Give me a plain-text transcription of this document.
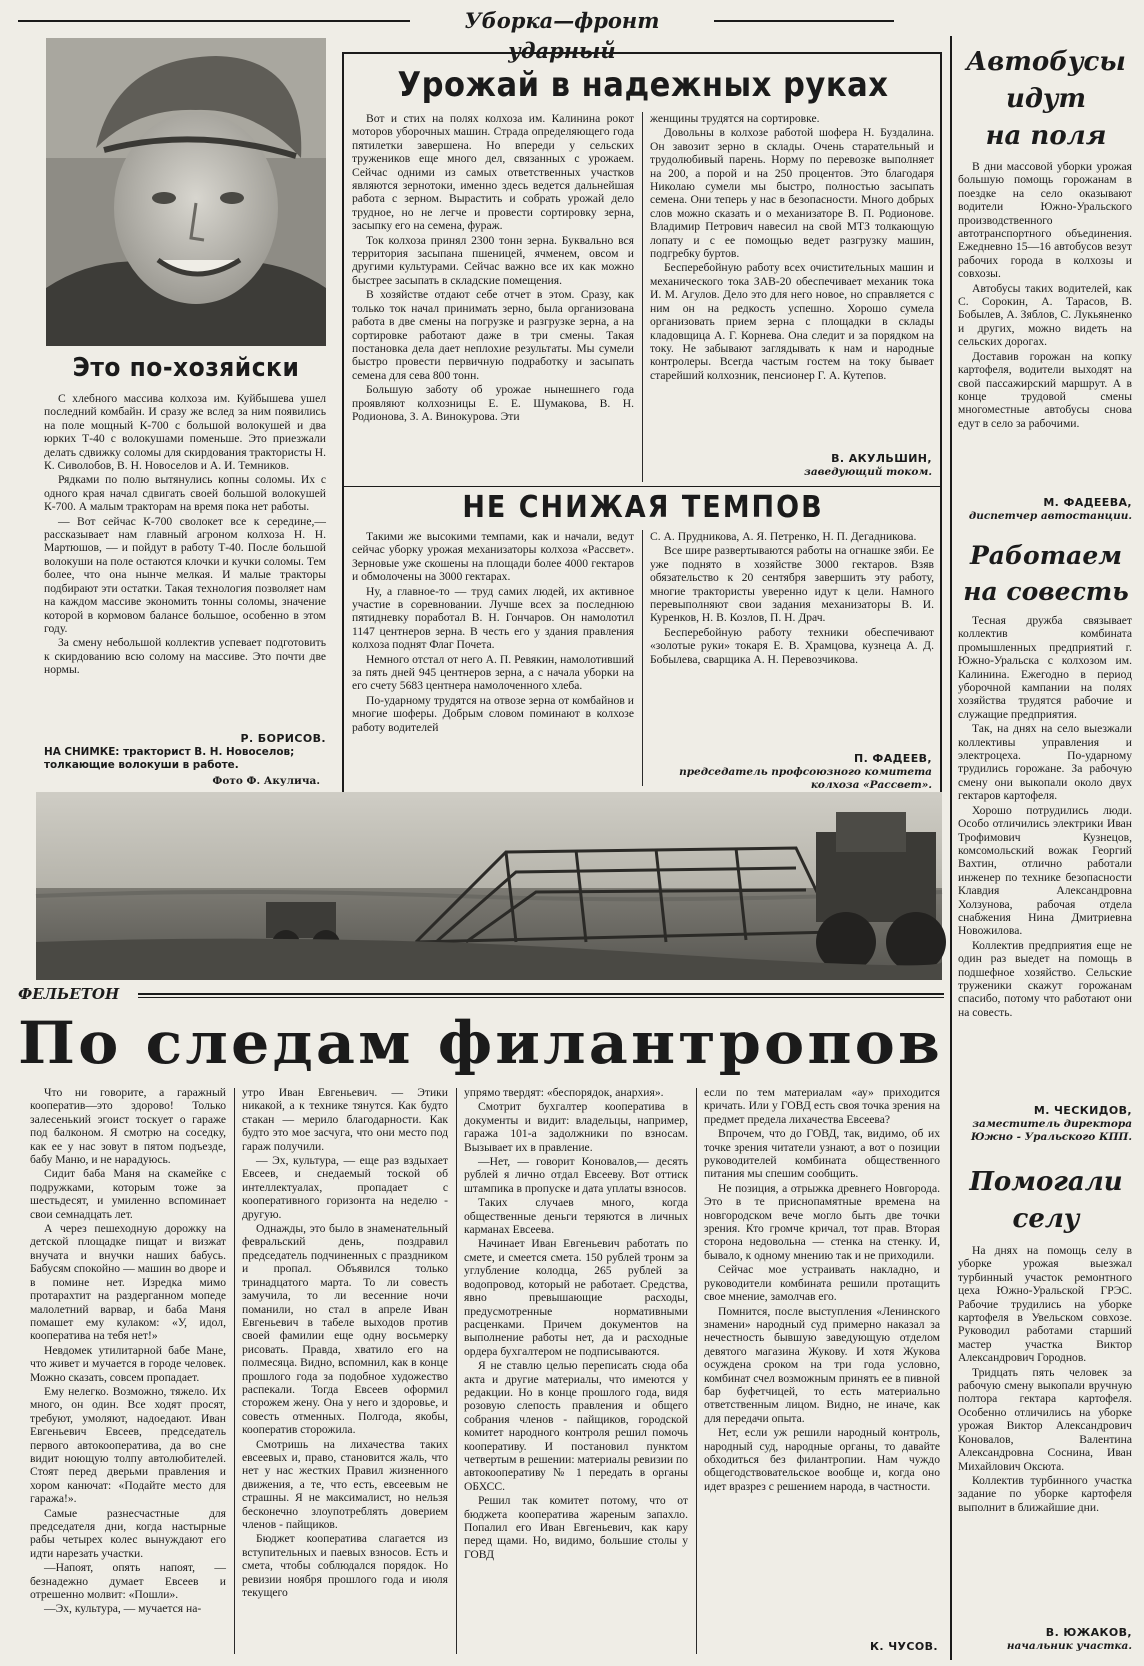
Уборка—фронт ударный
Это по-хозяйски

С хлебного массива колхоза им. Куйбышева ушел последний комбайн. И сразу же вслед за ним появились на поле мощный К-700 с большой волокушей и два юрких Т-40 с волокушами поменьше. Это приезжали делать сдвижку соломы для скирдования трактористы Н. К. Сиволобов, В. Н. Новоселов и А. И. Темников.

Рядками по полю вытянулись копны соломы. Их с одного края начал сдвигать своей большой волокушей К-700. А малым тракторам на время пока нет работы.

— Вот сейчас К-700 сволокет все к середине,—рассказывает нам главный агроном колхоза Н. Н. Мартюшов, — и пойдут в работу Т-40. После большой волокуши на поле остаются клочки и кучки соломы. Тем более, что она нынче мелкая. И малые тракторы подбирают эти остатки. Такая технология позволяет нам на каждом массиве экономить тонны соломы, значение которой в кормовом балансе большое, особенно в этом году.

За смену небольшой коллектив успевает подготовить к скирдованию всю солому на массиве. Это почти две нормы.

Р. БОРИСОВ.
НА СНИМКЕ: тракторист В. Н. Новоселов; толкающие волокуши в работе.
Фото Ф. Акулича.
Урожай в надежных руках

Вот и стих на полях колхоза им. Калинина рокот моторов уборочных машин. Страда определяющего года пятилетки завершена. Но впереди у сельских тружеников еще много дел, связанных с урожаем. Сейчас одними из самых ответственных участков являются зернотоки, именно здесь ведется дальнейшая работа с зерном. Вырастить и собрать урожай дело трудное, но не легче и провести сортировку зерна, засыпку его на семена, фураж.

Ток колхоза принял 2300 тонн зерна. Буквально вся территория засыпана пшеницей, ячменем, овсом и другими культурами. Сейчас важно все их как можно быстрее засыпать в складские помещения.

В хозяйстве отдают себе отчет в этом. Сразу, как только ток начал принимать зерно, была организована работа в две смены на погрузке и разгрузке зерна, а на сортировке работают даже в три смены. Такая постановка дела дает неплохие результаты. Мы сумели быстро провести первичную подработку и засыпать семена для сева 800 тонн.

Большую заботу об урожае нынешнего года проявляют колхозницы Е. Е. Шумакова, В. Н. Родионова, З. А. Винокурова. Эти

женщины трудятся на сортировке.

Довольны в колхозе работой шофера Н. Буздалина. Он завозит зерно в склады. Очень старательный и трудолюбивый парень. Норму по перевозке выполняет на 200, а порой и на 250 процентов. Это благодаря Николаю сумели мы быстро, полностью засыпать семена. Они теперь у нас в безопасности. Много добрых слов можно сказать и о механизаторе В. П. Родионове. Владимир Петрович навесил на свой МТЗ толкающую лопату и с ее помощью ведет разгрузку машин, подгребку буртов.

Бесперебойную работу всех очистительных машин и механического тока ЗАВ-20 обеспечивает механик тока И. М. Агулов. Дело это для него новое, но справляется с ним он на редкость успешно. Хорошо сумела организовать прием зерна с площадки в склады кладовщица А. Г. Корнева. Она следит и за порядком на току. Не забывают заглядывать к нам и народные контролеры. Всегда частым гостем на току бывает старейший колхозник, пенсионер Г. А. Кутепов.

В. АКУЛЬШИН,
заведующий током.
НЕ СНИЖАЯ ТЕМПОВ

Такими же высокими темпами, как и начали, ведут сейчас уборку урожая механизаторы колхоза «Рассвет». Зерновые уже скошены на площади более 4000 гектаров и обмолочены на 3000 гектарах.

Ну, а главное-то — труд самих людей, их активное участие в соревновании. Лучше всех за последнюю пятидневку поработал В. Н. Гончаров. Он намолотил 1147 центнеров зерна. В честь его у здания правления колхоза поднят Флаг Почета.

Немного отстал от него А. П. Ревякин, намолотивший за пять дней 945 центнеров зерна, а с начала уборки на его счету 5683 центнера намолоченного хлеба.

По-ударному трудятся на отвозе зерна от комбайнов и многие шоферы. Добрым словом поминают в колхозе работу водителей

С. А. Прудникова, А. Я. Петренко, Н. П. Дегадникова.

Все шире развертываются работы на огнашке зяби. Ее уже поднято в хозяйстве 3000 гектаров. Взяв обязательство к 20 сентября завершить эту работу, многие трактористы уверенно идут к цели. Намного перевыполняют свои задания механизаторы В. И. Куренков, Н. В. Козлов, П. Н. Драч.

Бесперебойную работу техники обеспечивают «золотые руки» токаря Е. В. Храмцова, кузнеца А. Д. Бобылева, сварщика А. Н. Перевозчикова.

П. ФАДЕЕВ,
председатель профсоюзного комитета колхоза «Рассвет».
Автобусы
идут
на поля

В дни массовой уборки урожая большую помощь горожанам в поездке на село оказывают водители Южно-Уральского производственного автотранспортного объединения. Ежедневно 15—16 автобусов везут рабочих города в колхозы и совхозы.

Автобусы таких водителей, как С. Сорокин, А. Тарасов, В. Бобылев, А. Зяблов, С. Лукьяненко и других, можно видеть на сельских дорогах.

Доставив горожан на копку картофеля, водители выходят на свой пассажирский маршрут. А в конце трудовой смены многоместные автобусы снова едут в село за рабочими.

М. ФАДЕЕВА,
диспетчер автостанции.
Работаем
на совесть

Тесная дружба связывает коллектив комбината промышленных предприятий г. Южно-Уральска с колхозом им. Калинина. Ежегодно в период уборочной кампании на полях хозяйства трудятся рабочие и служащие предприятия.

Так, на днях на село выезжали коллективы управления и электроцеха. По-ударному трудились горожане. За рабочую смену они выкопали около двух гектаров картофеля.

Хорошо потрудились люди. Особо отличились электрики Иван Трофимович Кузнецов, комсомольский вожак Георгий Вахтин, отлично работали инженер по технике безопасности Клавдия Александровна Холзунова, рабочая отдела снабжения Нина Дмитриевна Новожилова.

Коллектив предприятия еще не один раз выедет на помощь в подшефное хозяйство. Сельские труженики скажут горожанам спасибо, потому что работают они на совесть.

М. ЧЕСКИДОВ,
заместитель директора Южно - Уральского КПП.
Помогали
селу

На днях на помощь селу в уборке урожая выезжал турбинный участок ремонтного цеха Южно-Уральской ГРЭС. Рабочие трудились на уборке картофеля в Увельском совхозе. Руководил работами старший мастер участка Виктор Александрович Городнов.

Тридцать пять человек за рабочую смену выкопали вручную полтора гектара картофеля. Особенно отличились на уборке урожая Виктор Александрович Коновалов, Валентина Александровна Соснина, Иван Михайлович Оксюта.

Коллектив турбинного участка задание по уборке картофеля выполнит в ближайшие дни.

В. ЮЖАКОВ,
начальник участка.
ФЕЛЬЕТОН
По следам филантропов

Что ни говорите, а гаражный кооператив—это здорово! Только залесенький эгоист тоскует о гараже под балконом. Я смотрю на соседку, как ее у нас зовут в пятом подъезде, бабу Маню, и не нарадуюсь.

Сидит баба Маня на скамейке с подружками, которым тоже за шестьдесят, и умиленно вспоминает свои семнадцать лет.

А через пешеходную дорожку на детской площадке пищат и визжат внучата и внучки наших бабусь. Бабусям спокойно — машин во дворе и в помине нет. Изредка мимо протарахтит на раздерганном мопеде малолетний варвар, и баба Маня помашет ему кулаком: «У, идол, кооператива на тебя нет!»

Невдомек утилитарной бабе Мане, что живет и мучается в городе человек. Можно сказать, совсем пропадает.

Ему нелегко. Возможно, тяжело. Их много, он один. Все ходят просят, требуют, умоляют, надоедают. Иван Евгеньевич Евсеев, председатель первого автокооператива, да во сне видит ноющую толпу автолюбителей. Стоят перед дверьми правления и хором канючат: «Подайте место для гаража!».

Самые разнесчастные для председателя дни, когда настырные рабы четырех колес вынуждают его идти нарезать участки.

—Напоят, опять напоят, — безнадежно думает Евсеев и отрешенно молвит: «Пошли».

—Эх, культура, — мучается на-

утро Иван Евгеньевич. — Этики никакой, а к технике тянутся. Как будто стакан — мерило благодарности. Как будто это мое засчуга, что они место под гараж получили.

— Эх, культура, — еще раз вздыхает Евсеев, и снедаемый тоской об интеллектуалах, пропадает с кооперативного горизонта на неделю - другую.

Однажды, это было в знаменательный февральский день, поздравил председатель подчиненных с праздником и пропал. Объявился только тринадцатого марта. То ли совесть замучила, то ли весенние ночи поманили, но стал в апреле Иван Евгеньевич в табеле выходов против своей фамилии еще одну восьмерку рисовать. Правда, хватило его на полмесяца. Видно, вспомнил, как в конце прошлого года за подобное художество распекали. Тогда Евсеев оформил сторожем жену. Она у него и здоровье, и совесть отменных. Полгода, якобы, кооператив сторожила.

Смотришь на лихачества таких евсеевых и, право, становится жаль, что нет у нас жестких Правил жизненного движения, а те, что есть, евсеевым не страшны. Я не максималист, но нельзя бесконечно злоупотреблять доверием членов - пайщиков.

Бюджет кооператива слагается из вступительных и паевых взносов. Есть и смета, чтобы соблюдался порядок. Но ревизии ноября прошлого года и июля текущего

упрямо твердят: «беспорядок, анархия».

Смотрит бухгалтер кооператива в документы и видит: владельцы, например, гаража 101-а задолжники по взносам. Вызывает их в правление.

—Нет, — говорит Коновалов,— десять рублей я лично отдал Евсееву. Вот оттиск штампика в пропуске и дата уплаты взносов.

Таких случаев много, когда общественные деньги теряются в личных карманах Евсеева.

Начинает Иван Евгеньевич работать по смете, и смеется смета. 150 рублей тронм за углубление колодца, 265 рублей за водопровод, который не работает. Средства, явно превышающие расходы, предусмотренные нормативными расценками. Причем документов на выполнение работы нет, да и расходные ордера бухгалтером не подписываются.

Я не ставлю целью переписать сюда оба акта и другие материалы, что имеются у редакции. Но в конце прошлого года, видя розовую слепость правления и общего собрания членов - пайщиков, городской комитет народного контроля решил помочь кооперативу. И постановил пунктом четвертым в решении: материалы ревизии по автокооперативу № 1 передать в органы ОБХСС.

Решил так комитет потому, что от бюджета кооператива жареным запахло. Попалил его Иван Евгеньевич, как кару перед щами. Но, видимо, большие столы у ГОВД

если по тем материалам «ау» приходится кричать. Или у ГОВД есть своя точка зрения на предмет предела лихачества Евсеева?

Впрочем, что до ГОВД, так, видимо, об их точке зрения читатели узнают, а вот о позиции руководителей комбината общественного питания мы спешим сообщить.

Не позиция, а отрыжка древнего Новгорода. Это в те приснопамятные времена на новгородском вече могло быть две точки зрения. Кто громче кричал, тот прав. Вторая сторона недовольна — стенка на стенку. И, бывало, к одному мнению так и не приходили.

Сейчас мое устраивать накладно, и руководители комбината решили протащить свое мнение, замолчав его.

Помнится, после выступления «Ленинского знамени» народный суд примерно наказал за нечестность бывшую заведующую отделом девятого магазина Жукову. И хотя Жукова осуждена сроком на три года условно, комбинат счел возможным принять ее в пивной бар буфетчицей, то есть материально ответственным лицом. Видно, не иначе, как для передачи опыта.

Нет, если уж решили народный контроль, народный суд, народные органы, то давайте обходиться без филантропии. Нам чуждо общегодствовательское вообще и, когда оно идет вразрез с решением народа, в частности.

К. ЧУСОВ.
